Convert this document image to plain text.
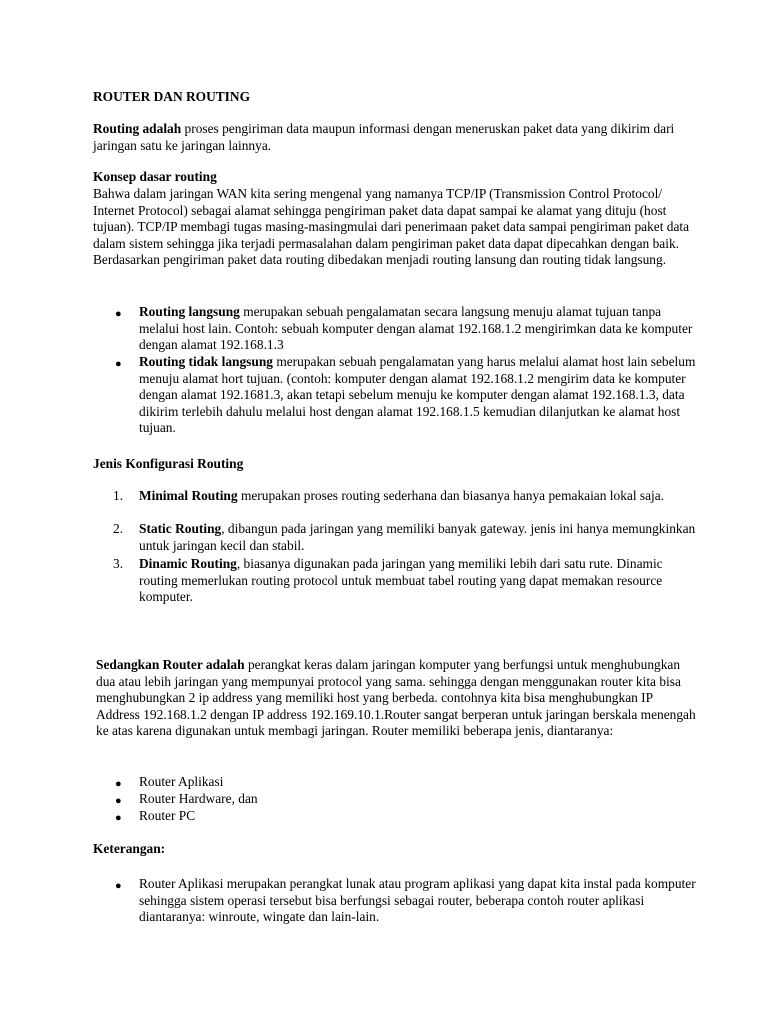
ROUTER DAN ROUTING

Routing adalah proses pengiriman data maupun informasi dengan meneruskan paket data yang dikirim dari jaringan satu ke jaringan lainnya.

Konsep dasar routing

Bahwa dalam jaringan WAN kita sering mengenal yang namanya TCP/IP (Transmission Control Protocol/ Internet Protocol) sebagai alamat sehingga pengiriman paket data dapat sampai ke alamat yang dituju (host tujuan). TCP/IP membagi tugas masing-masingmulai dari penerimaan paket data sampai pengiriman paket data dalam sistem sehingga jika terjadi permasalahan dalam pengiriman paket data dapat dipecahkan dengan baik. Berdasarkan pengiriman paket data routing dibedakan menjadi routing lansung dan routing tidak langsung.

● Routing langsung merupakan sebuah pengalamatan secara langsung menuju alamat tujuan tanpa melalui host lain. Contoh: sebuah komputer dengan alamat 192.168.1.2 mengirimkan data ke komputer dengan alamat 192.168.1.3

● Routing tidak langsung merupakan sebuah pengalamatan yang harus melalui alamat host lain sebelum menuju alamat hort tujuan. (contoh: komputer dengan alamat 192.168.1.2 mengirim data ke komputer dengan alamat 192.1681.3, akan tetapi sebelum menuju ke komputer dengan alamat 192.168.1.3, data dikirim terlebih dahulu melalui host dengan alamat 192.168.1.5 kemudian dilanjutkan ke alamat host tujuan.

Jenis Konfigurasi Routing

1. Minimal Routing merupakan proses routing sederhana dan biasanya hanya pemakaian lokal saja.

2. Static Routing, dibangun pada jaringan yang memiliki banyak gateway. jenis ini hanya memungkinkan untuk jaringan kecil dan stabil.

3. Dinamic Routing, biasanya digunakan pada jaringan yang memiliki lebih dari satu rute. Dinamic routing memerlukan routing protocol untuk membuat tabel routing yang dapat memakan resource komputer.

Sedangkan Router adalah perangkat keras dalam jaringan komputer yang berfungsi untuk menghubungkan dua atau lebih jaringan yang mempunyai protocol yang sama. sehingga dengan menggunakan router kita bisa menghubungkan 2 ip address yang memiliki host yang berbeda. contohnya kita bisa menghubungkan IP Address 192.168.1.2 dengan IP address 192.169.10.1.Router sangat berperan untuk jaringan berskala menengah ke atas karena digunakan untuk membagi jaringan. Router memiliki beberapa jenis, diantaranya:

● Router Aplikasi

● Router Hardware, dan

● Router PC

Keterangan:

● Router Aplikasi merupakan perangkat lunak atau program aplikasi yang dapat kita instal pada komputer sehingga sistem operasi tersebut bisa berfungsi sebagai router, beberapa contoh router aplikasi diantaranya: winroute, wingate dan lain-lain.
